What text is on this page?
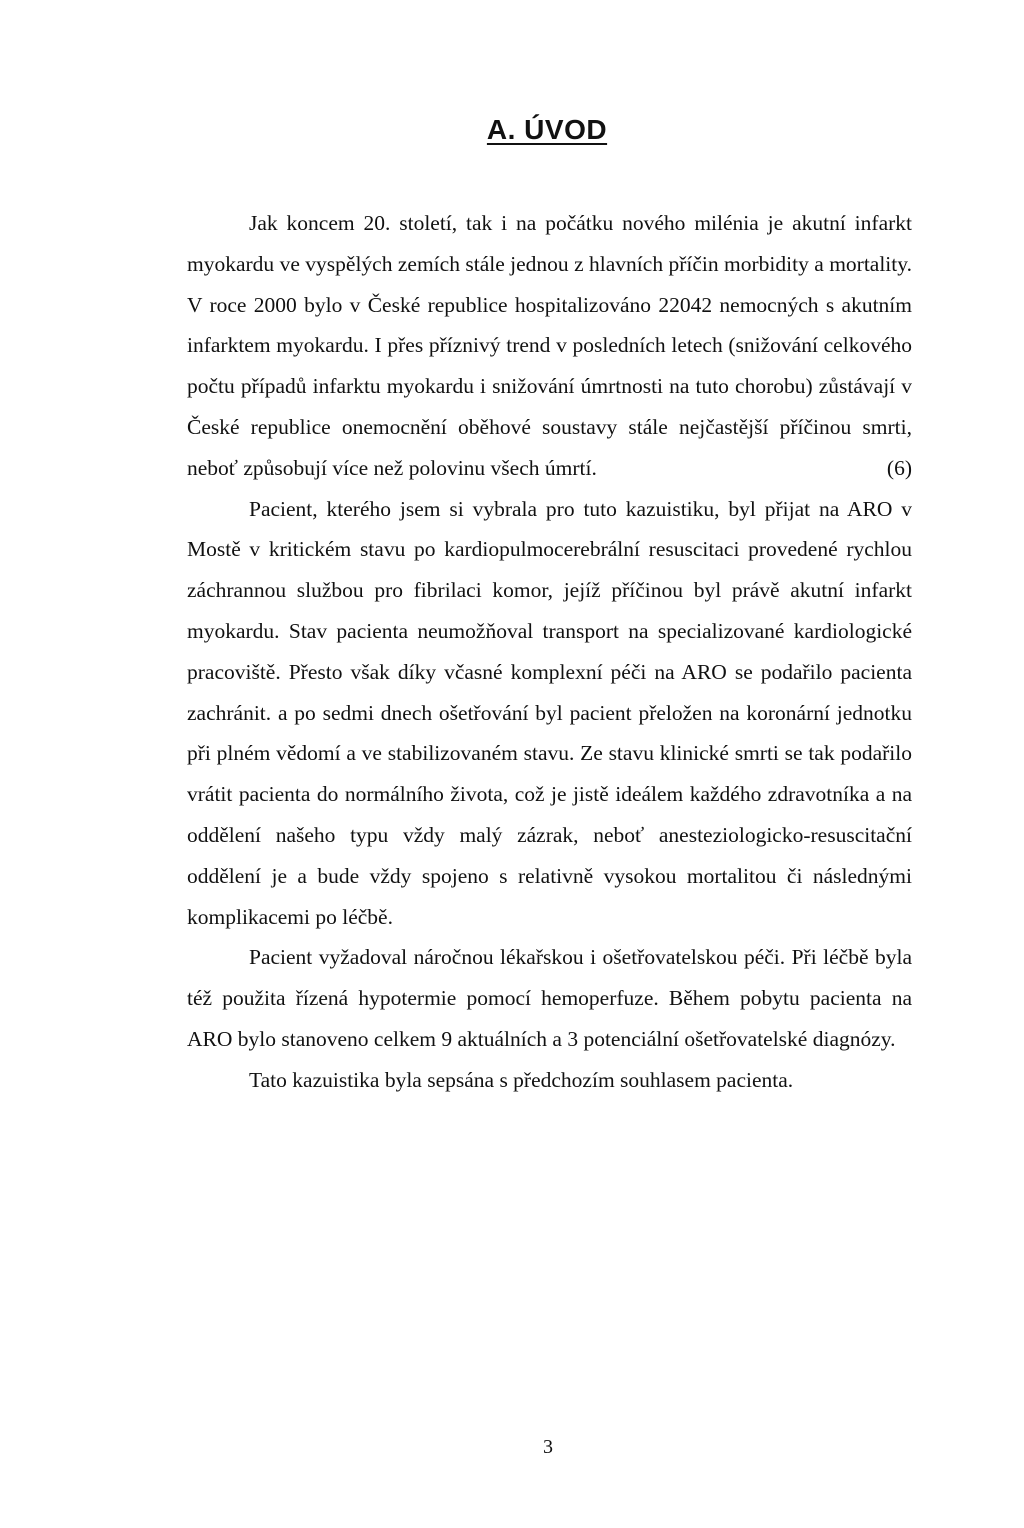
A. ÚVOD

Jak koncem 20. století, tak i na počátku nového milénia je akutní infarkt myokardu ve vyspělých zemích stále jednou z hlavních příčin morbidity a mortality. V roce 2000 bylo v České republice hospitalizováno 22042 nemocných s akutním infarktem myokardu. I přes příznivý trend v posledních letech (snižování celkového počtu případů infarktu myokardu i snižování úmrtnosti na tuto chorobu) zůstávají v České republice onemocnění oběhové soustavy stále nejčastější příčinou smrti, neboť způsobují více než polovinu všech úmrtí.	(6)

Pacient, kterého jsem si vybrala pro tuto kazuistiku, byl přijat na ARO v Mostě v kritickém stavu po kardiopulmocerebrální resuscitaci provedené rychlou záchrannou službou pro fibrilaci komor, jejíž příčinou byl právě akutní infarkt myokardu. Stav pacienta neumožňoval transport na specializované kardiologické pracoviště. Přesto však díky včasné komplexní péči na ARO se podařilo pacienta zachránit. a po sedmi dnech ošetřování byl pacient přeložen na koronární jednotku při plném vědomí a ve stabilizovaném stavu. Ze stavu klinické smrti se tak podařilo vrátit pacienta do normálního života, což je jistě ideálem každého zdravotníka a na oddělení našeho typu vždy malý zázrak, neboť anesteziologicko-resuscitační oddělení je a bude vždy spojeno s relativně vysokou mortalitou či následnými komplikacemi po léčbě.

Pacient vyžadoval náročnou lékařskou i ošetřovatelskou péči. Při léčbě byla též použita řízená hypotermie pomocí hemoperfuze. Během pobytu pacienta na ARO bylo stanoveno celkem 9 aktuálních a 3 potenciální ošetřovatelské diagnózy.

Tato kazuistika byla sepsána s předchozím souhlasem pacienta.

3
